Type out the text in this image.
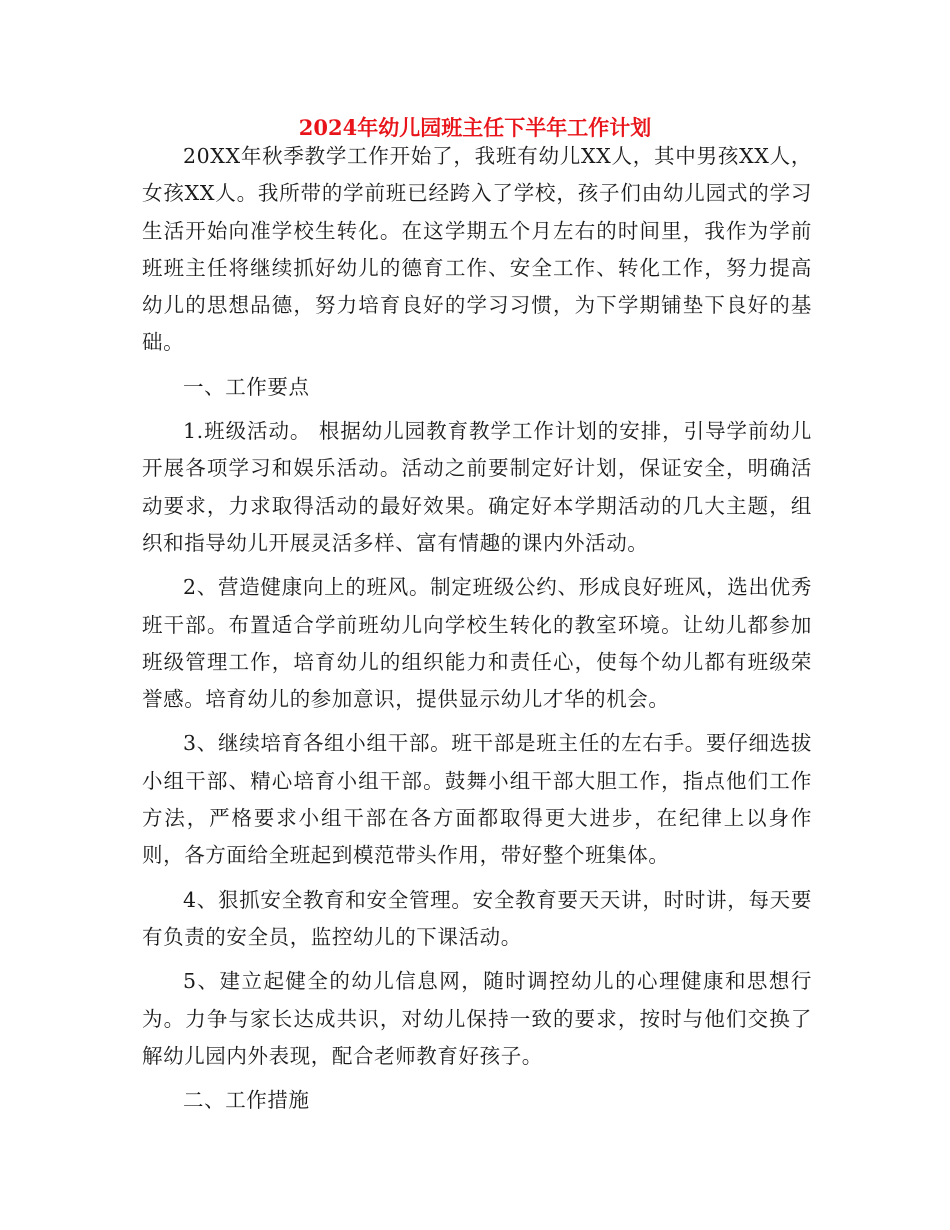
2024年幼儿园班主任下半年工作计划

20XX年秋季教学工作开始了，我班有幼儿XX人，其中男孩XX人，女孩XX人。我所带的学前班已经跨入了学校，孩子们由幼儿园式的学习生活开始向准学校生转化。在这学期五个月左右的时间里，我作为学前班班主任将继续抓好幼儿的德育工作、安全工作、转化工作，努力提高幼儿的思想品德，努力培育良好的学习习惯，为下学期铺垫下良好的基础。

一、工作要点

1.班级活动。 根据幼儿园教育教学工作计划的安排，引导学前幼儿开展各项学习和娱乐活动。活动之前要制定好计划，保证安全，明确活动要求，力求取得活动的最好效果。确定好本学期活动的几大主题，组织和指导幼儿开展灵活多样、富有情趣的课内外活动。

2、营造健康向上的班风。制定班级公约、形成良好班风，选出优秀班干部。布置适合学前班幼儿向学校生转化的教室环境。让幼儿都参加班级管理工作，培育幼儿的组织能力和责任心，使每个幼儿都有班级荣誉感。培育幼儿的参加意识，提供显示幼儿才华的机会。

3、继续培育各组小组干部。班干部是班主任的左右手。要仔细选拔小组干部、精心培育小组干部。鼓舞小组干部大胆工作，指点他们工作方法，严格要求小组干部在各方面都取得更大进步，在纪律上以身作则，各方面给全班起到模范带头作用，带好整个班集体。

4、狠抓安全教育和安全管理。安全教育要天天讲，时时讲，每天要有负责的安全员，监控幼儿的下课活动。

5、建立起健全的幼儿信息网，随时调控幼儿的心理健康和思想行为。力争与家长达成共识，对幼儿保持一致的要求，按时与他们交换了解幼儿园内外表现，配合老师教育好孩子。

二、工作措施
